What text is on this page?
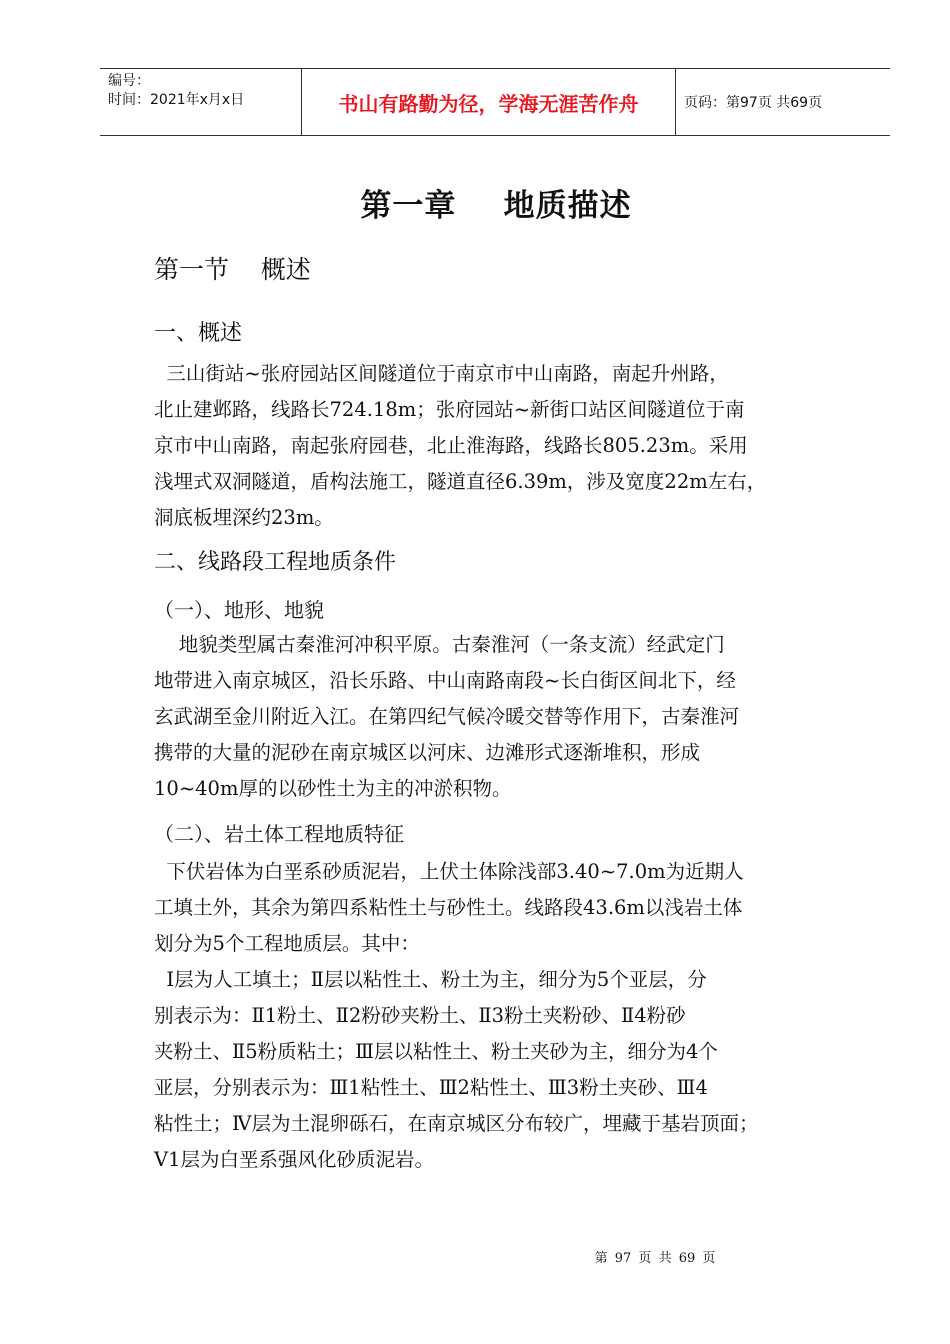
编号：
时间：2021年x月x日	书山有路勤为径，学海无涯苦作舟	页码：第97页 共69页
第一章    地质描述
第一节    概述
一、概述

三山街站~张府园站区间隧道位于南京市中山南路，南起升州路，
北止建邺路，线路长724.18m；张府园站~新街口站区间隧道位于南
京市中山南路，南起张府园巷，北止淮海路，线路长805.23m。采用
浅埋式双洞隧道，盾构法施工，隧道直径6.39m，涉及宽度22m左右，
洞底板埋深约23m。

二、线路段工程地质条件
（一）、地形、地貌

地貌类型属古秦淮河冲积平原。古秦淮河（一条支流）经武定门
地带进入南京城区，沿长乐路、中山南路南段~长白街区间北下，经
玄武湖至金川附近入江。在第四纪气候冷暖交替等作用下，古秦淮河
携带的大量的泥砂在南京城区以河床、边滩形式逐渐堆积，形成
10~40m厚的以砂性土为主的冲淤积物。

（二）、岩土体工程地质特征

下伏岩体为白垩系砂质泥岩，上伏土体除浅部3.40~7.0m为近期人
工填土外，其余为第四系粘性土与砂性土。线路段43.6m以浅岩土体
划分为5个工程地质层。其中：

Ⅰ层为人工填土；Ⅱ层以粘性土、粉土为主，细分为5个亚层，分
别表示为：Ⅱ1粉土、Ⅱ2粉砂夹粉土、Ⅱ3粉土夹粉砂、Ⅱ4粉砂
夹粉土、Ⅱ5粉质粘土；Ⅲ层以粘性土、粉土夹砂为主，细分为4个
亚层，分别表示为：Ⅲ1粘性土、Ⅲ2粘性土、Ⅲ3粉土夹砂、Ⅲ4
粘性土；Ⅳ层为土混卵砾石，在南京城区分布较广，埋藏于基岩顶面；
Ⅴ1层为白垩系强风化砂质泥岩。

第 97 页 共 69 页
